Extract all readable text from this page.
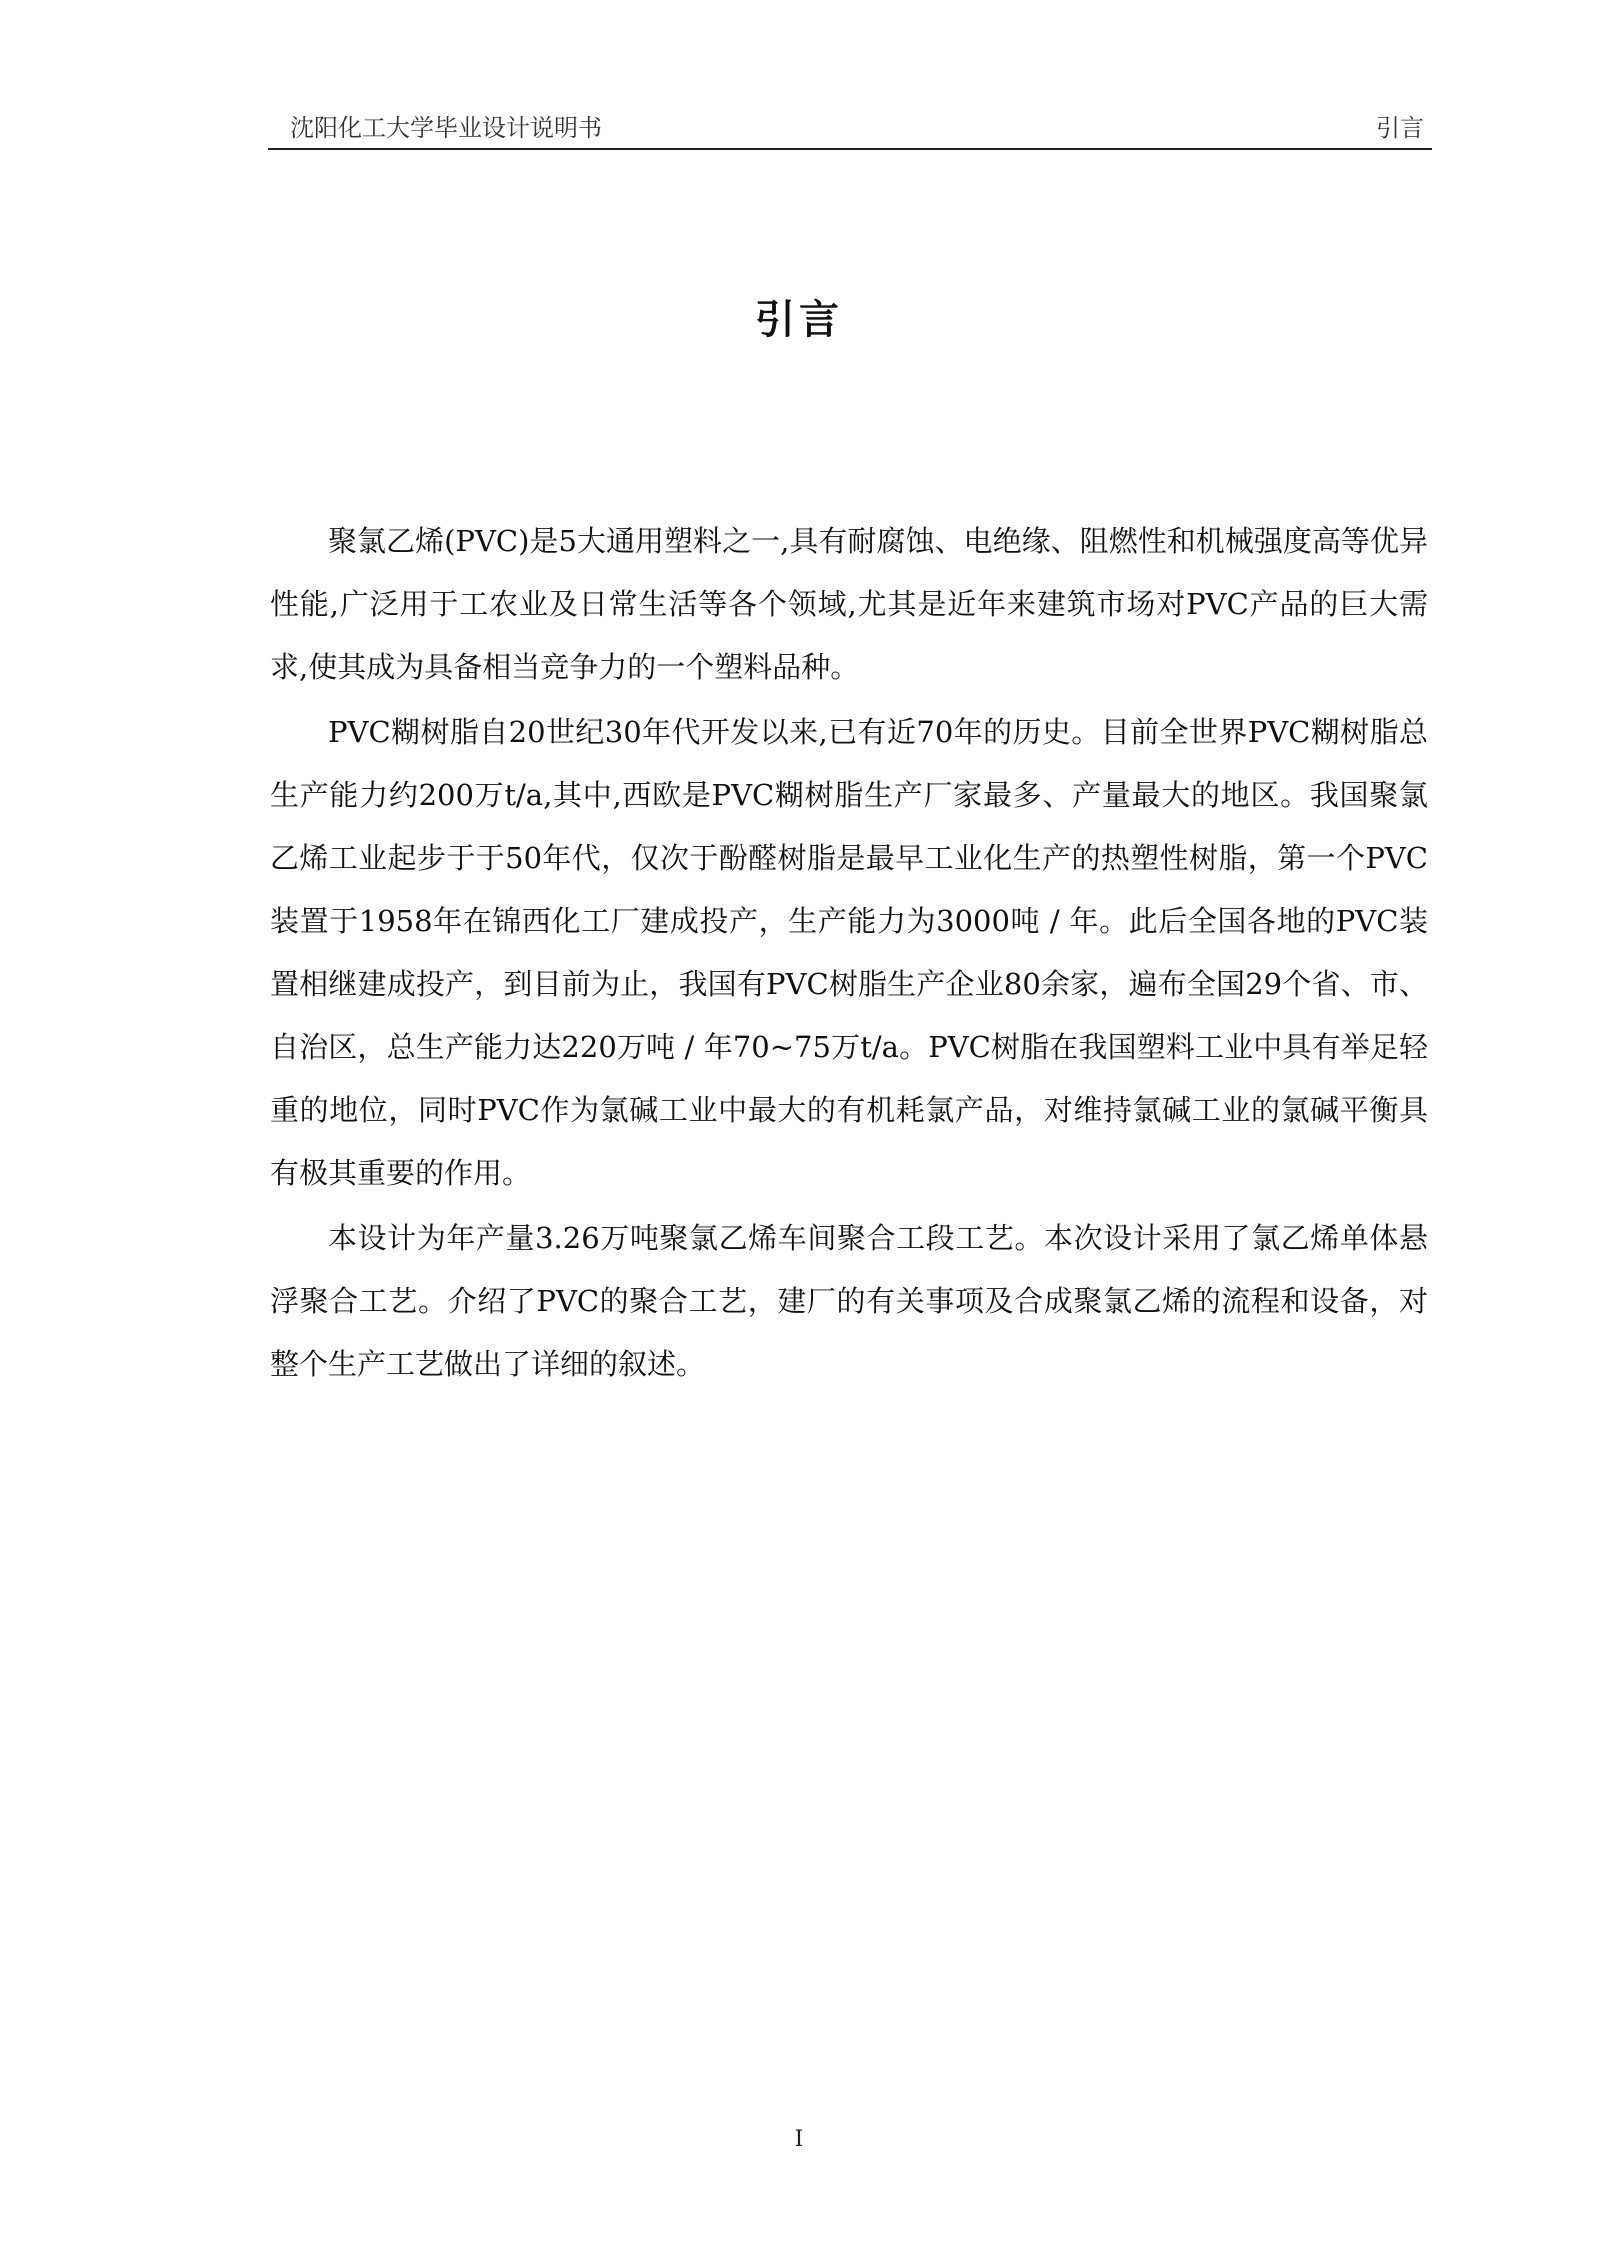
沈阳化工大学毕业设计说明书	引言
引言

聚氯乙烯(PVC)是5大通用塑料之一,具有耐腐蚀、电绝缘、阻燃性和机械强度高等优异性能,广泛用于工农业及日常生活等各个领域,尤其是近年来建筑市场对PVC产品的巨大需求,使其成为具备相当竞争力的一个塑料品种。

PVC糊树脂自20世纪30年代开发以来,已有近70年的历史。目前全世界PVC糊树脂总生产能力约200万t/a,其中,西欧是PVC糊树脂生产厂家最多、产量最大的地区。我国聚氯乙烯工业起步于于50年代，仅次于酚醛树脂是最早工业化生产的热塑性树脂，第一个PVC装置于1958年在锦西化工厂建成投产，生产能力为3000吨 / 年。此后全国各地的PVC装置相继建成投产，到目前为止，我国有PVC树脂生产企业80余家，遍布全国29个省、市、自治区，总生产能力达220万吨 / 年70~75万t/a。PVC树脂在我国塑料工业中具有举足轻重的地位，同时PVC作为氯碱工业中最大的有机耗氯产品，对维持氯碱工业的氯碱平衡具有极其重要的作用。

本设计为年产量3.26万吨聚氯乙烯车间聚合工段工艺。本次设计采用了氯乙烯单体悬浮聚合工艺。介绍了PVC的聚合工艺，建厂的有关事项及合成聚氯乙烯的流程和设备，对整个生产工艺做出了详细的叙述。

I
